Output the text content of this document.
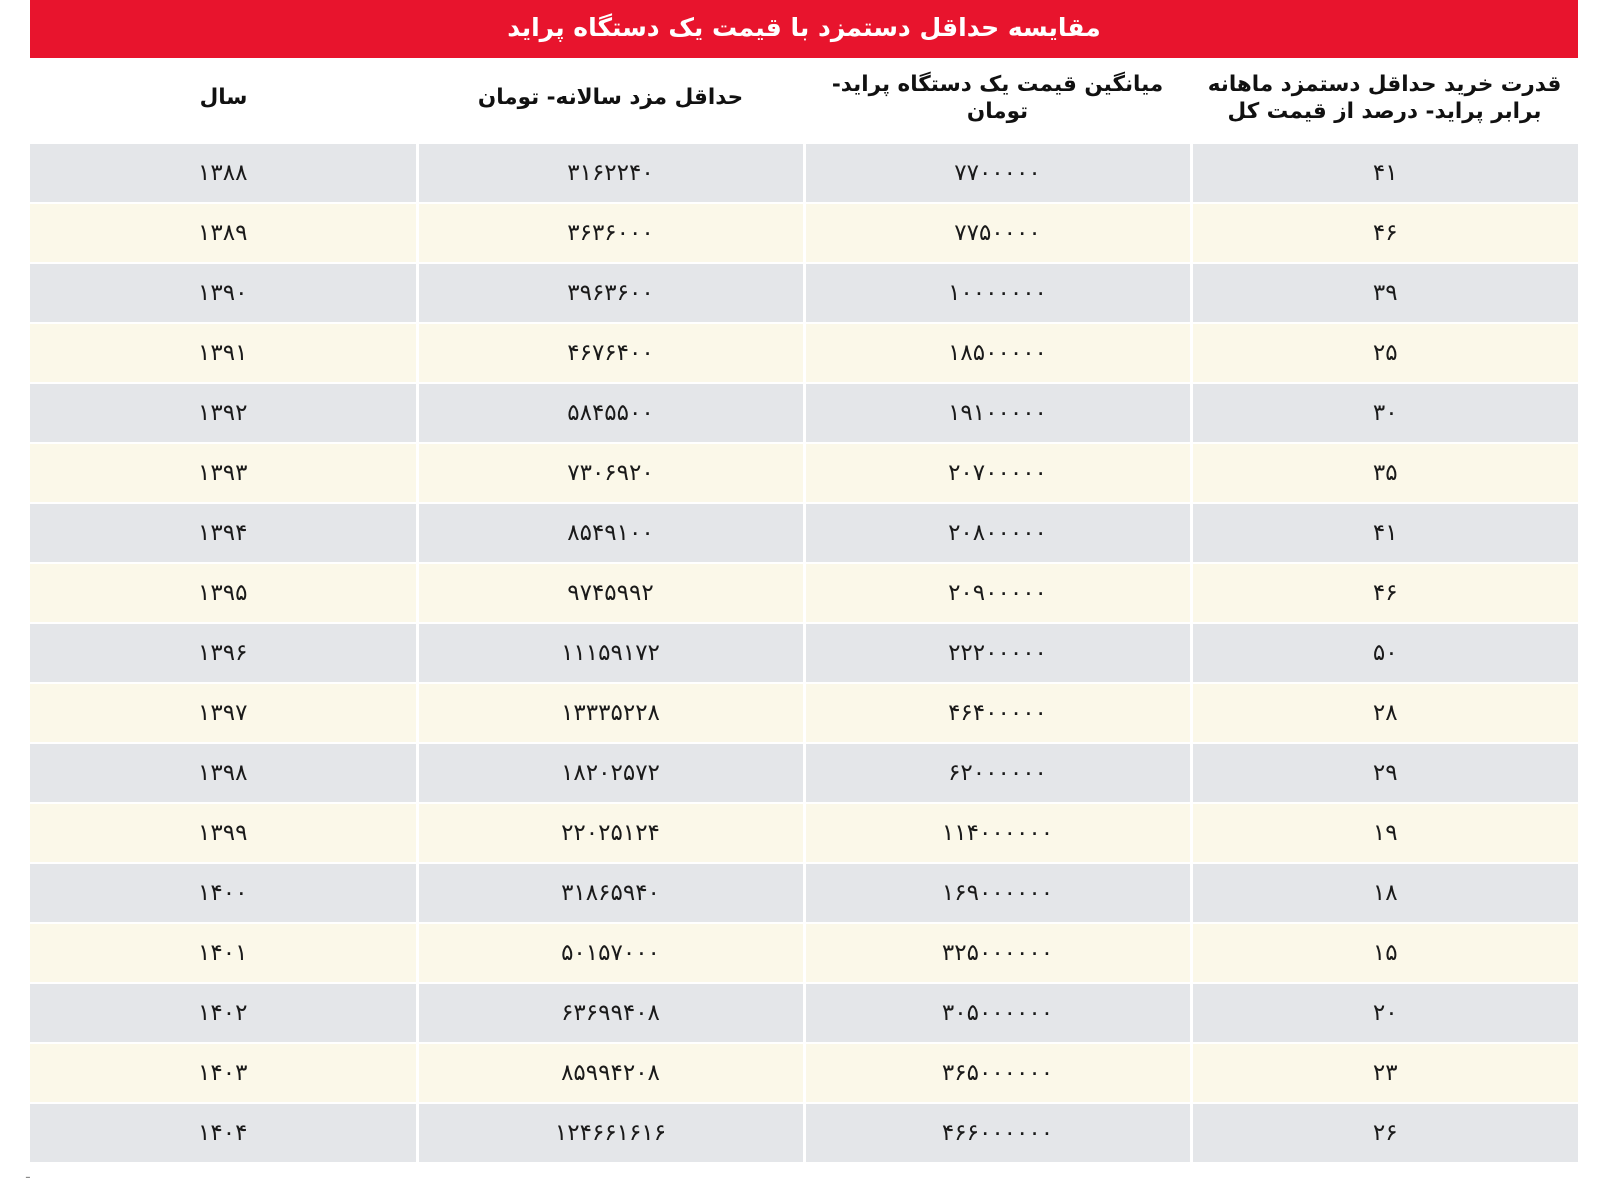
مقایسه حداقل دستمزد با قیمت یک دستگاه پراید			
قدرت خرید حداقل دستمزد ماهانه برابر پراید- درصد از قیمت کل	میانگین قیمت یک دستگاه پراید- تومان	حداقل مزد سالانه- تومان	سال
۴۱	۷۷۰۰۰۰۰	۳۱۶۲۲۴۰	۱۳۸۸
۴۶	۷۷۵۰۰۰۰	۳۶۳۶۰۰۰	۱۳۸۹
۳۹	۱۰۰۰۰۰۰۰	۳۹۶۳۶۰۰	۱۳۹۰
۲۵	۱۸۵۰۰۰۰۰	۴۶۷۶۴۰۰	۱۳۹۱
۳۰	۱۹۱۰۰۰۰۰	۵۸۴۵۵۰۰	۱۳۹۲
۳۵	۲۰۷۰۰۰۰۰	۷۳۰۶۹۲۰	۱۳۹۳
۴۱	۲۰۸۰۰۰۰۰	۸۵۴۹۱۰۰	۱۳۹۴
۴۶	۲۰۹۰۰۰۰۰	۹۷۴۵۹۹۲	۱۳۹۵
۵۰	۲۲۲۰۰۰۰۰	۱۱۱۵۹۱۷۲	۱۳۹۶
۲۸	۴۶۴۰۰۰۰۰	۱۳۳۳۵۲۲۸	۱۳۹۷
۲۹	۶۲۰۰۰۰۰۰	۱۸۲۰۲۵۷۲	۱۳۹۸
۱۹	۱۱۴۰۰۰۰۰۰	۲۲۰۲۵۱۲۴	۱۳۹۹
۱۸	۱۶۹۰۰۰۰۰۰	۳۱۸۶۵۹۴۰	۱۴۰۰
۱۵	۳۲۵۰۰۰۰۰۰	۵۰۱۵۷۰۰۰	۱۴۰۱
۲۰	۳۰۵۰۰۰۰۰۰	۶۳۶۹۹۴۰۸	۱۴۰۲
۲۳	۳۶۵۰۰۰۰۰۰	۸۵۹۹۴۲۰۸	۱۴۰۳
۲۶	۴۶۶۰۰۰۰۰۰	۱۲۴۶۶۱۶۱۶	۱۴۰۴
ـ
